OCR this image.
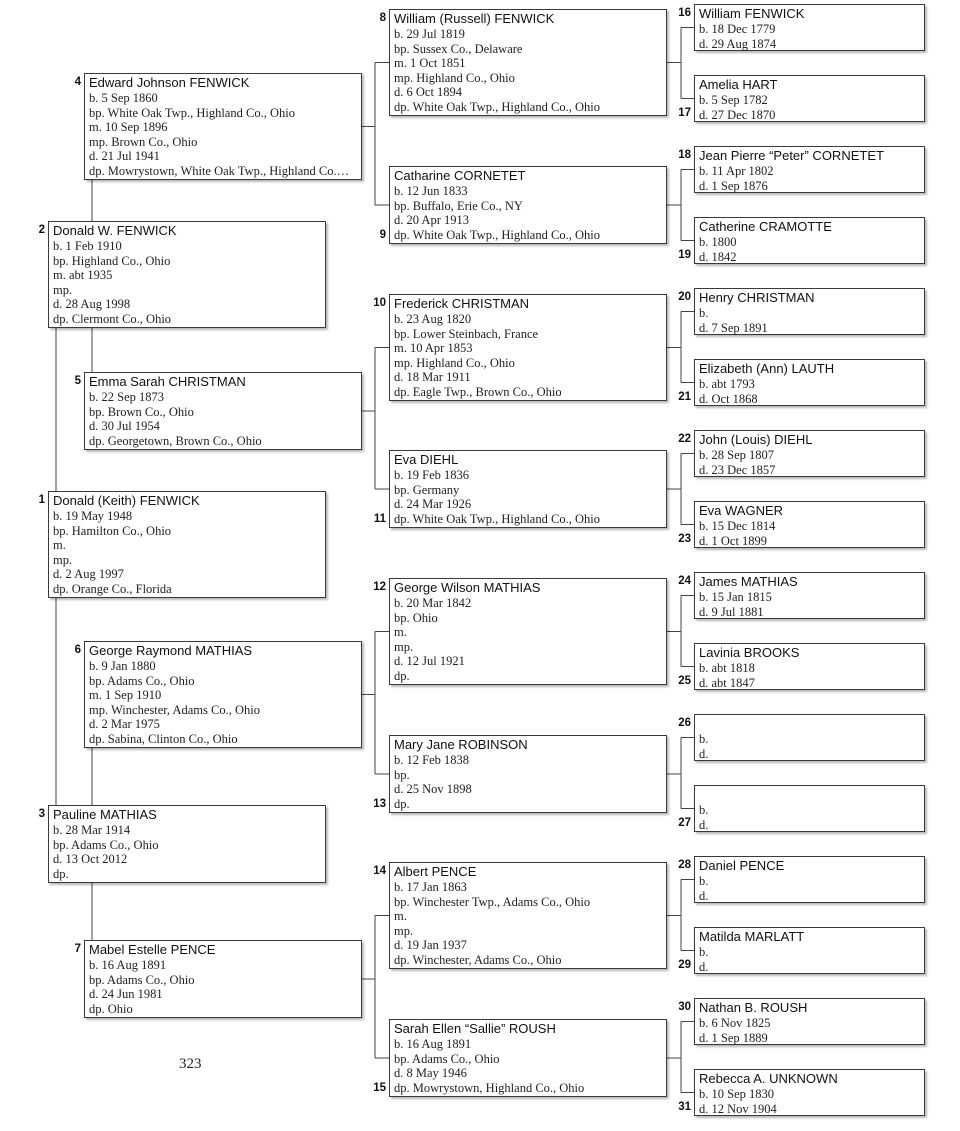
Donald (Keith) FENWICK
b. 19 May 1948
bp. Hamilton Co., Ohio
m.
mp.
d. 2 Aug 1997
dp. Orange Co., Florida
1
Donald W. FENWICK
b. 1 Feb 1910
bp. Highland Co., Ohio
m. abt 1935
mp.
d. 28 Aug 1998
dp. Clermont Co., Ohio
2
Pauline MATHIAS
b. 28 Mar 1914
bp. Adams Co., Ohio
d. 13 Oct 2012
dp.
3
Edward Johnson FENWICK
b. 5 Sep 1860
bp. White Oak Twp., Highland Co., Ohio
m. 10 Sep 1896
mp. Brown Co., Ohio
d. 21 Jul 1941
dp. Mowrystown, White Oak Twp., Highland Co.…
4
Emma Sarah CHRISTMAN
b. 22 Sep 1873
bp. Brown Co., Ohio
d. 30 Jul 1954
dp. Georgetown, Brown Co., Ohio
5
George Raymond MATHIAS
b. 9 Jan 1880
bp. Adams Co., Ohio
m. 1 Sep 1910
mp. Winchester, Adams Co., Ohio
d. 2 Mar 1975
dp. Sabina, Clinton Co., Ohio
6
Mabel Estelle PENCE
b. 16 Aug 1891
bp. Adams Co., Ohio
d. 24 Jun 1981
dp. Ohio
7
William (Russell) FENWICK
b. 29 Jul 1819
bp. Sussex Co., Delaware
m. 1 Oct 1851
mp. Highland Co., Ohio
d. 6 Oct 1894
dp. White Oak Twp., Highland Co., Ohio
8
Catharine CORNETET
b. 12 Jun 1833
bp. Buffalo, Erie Co., NY
d. 20 Apr 1913
dp. White Oak Twp., Highland Co., Ohio
9
Frederick CHRISTMAN
b. 23 Aug 1820
bp. Lower Steinbach, France
m. 10 Apr 1853
mp. Highland Co., Ohio
d. 18 Mar 1911
dp. Eagle Twp., Brown Co., Ohio
10
Eva DIEHL
b. 19 Feb 1836
bp. Germany
d. 24 Mar 1926
dp. White Oak Twp., Highland Co., Ohio
11
George Wilson MATHIAS
b. 20 Mar 1842
bp. Ohio
m.
mp.
d. 12 Jul 1921
dp.
12
Mary Jane ROBINSON
b. 12 Feb 1838
bp.
d. 25 Nov 1898
dp.
13
Albert PENCE
b. 17 Jan 1863
bp. Winchester Twp., Adams Co., Ohio
m.
mp.
d. 19 Jan 1937
dp. Winchester, Adams Co., Ohio
14
Sarah Ellen “Sallie” ROUSH
b. 16 Aug 1891
bp. Adams Co., Ohio
d. 8 May 1946
dp. Mowrystown, Highland Co., Ohio
15
William FENWICK
b. 18 Dec 1779
d. 29 Aug 1874
16
Amelia HART
b. 5 Sep 1782
d. 27 Dec 1870
17
Jean Pierre “Peter” CORNETET
b. 11 Apr 1802
d. 1 Sep 1876
18
Catherine CRAMOTTE
b. 1800
d. 1842
19
Henry CHRISTMAN
b.
d. 7 Sep 1891
20
Elizabeth (Ann) LAUTH
b. abt 1793
d. Oct 1868
21
John (Louis) DIEHL
b. 28 Sep 1807
d. 23 Dec 1857
22
Eva WAGNER
b. 15 Dec 1814
d. 1 Oct 1899
23
James MATHIAS
b. 15 Jan 1815
d. 9 Jul 1881
24
Lavinia BROOKS
b. abt 1818
d. abt 1847
25

b.
d.
26

b.
d.
27
Daniel PENCE
b.
d.
28
Matilda MARLATT
b.
d.
29
Nathan B. ROUSH
b. 6 Nov 1825
d. 1 Sep 1889
30
Rebecca A. UNKNOWN
b. 10 Sep 1830
d. 12 Nov 1904
31
323
